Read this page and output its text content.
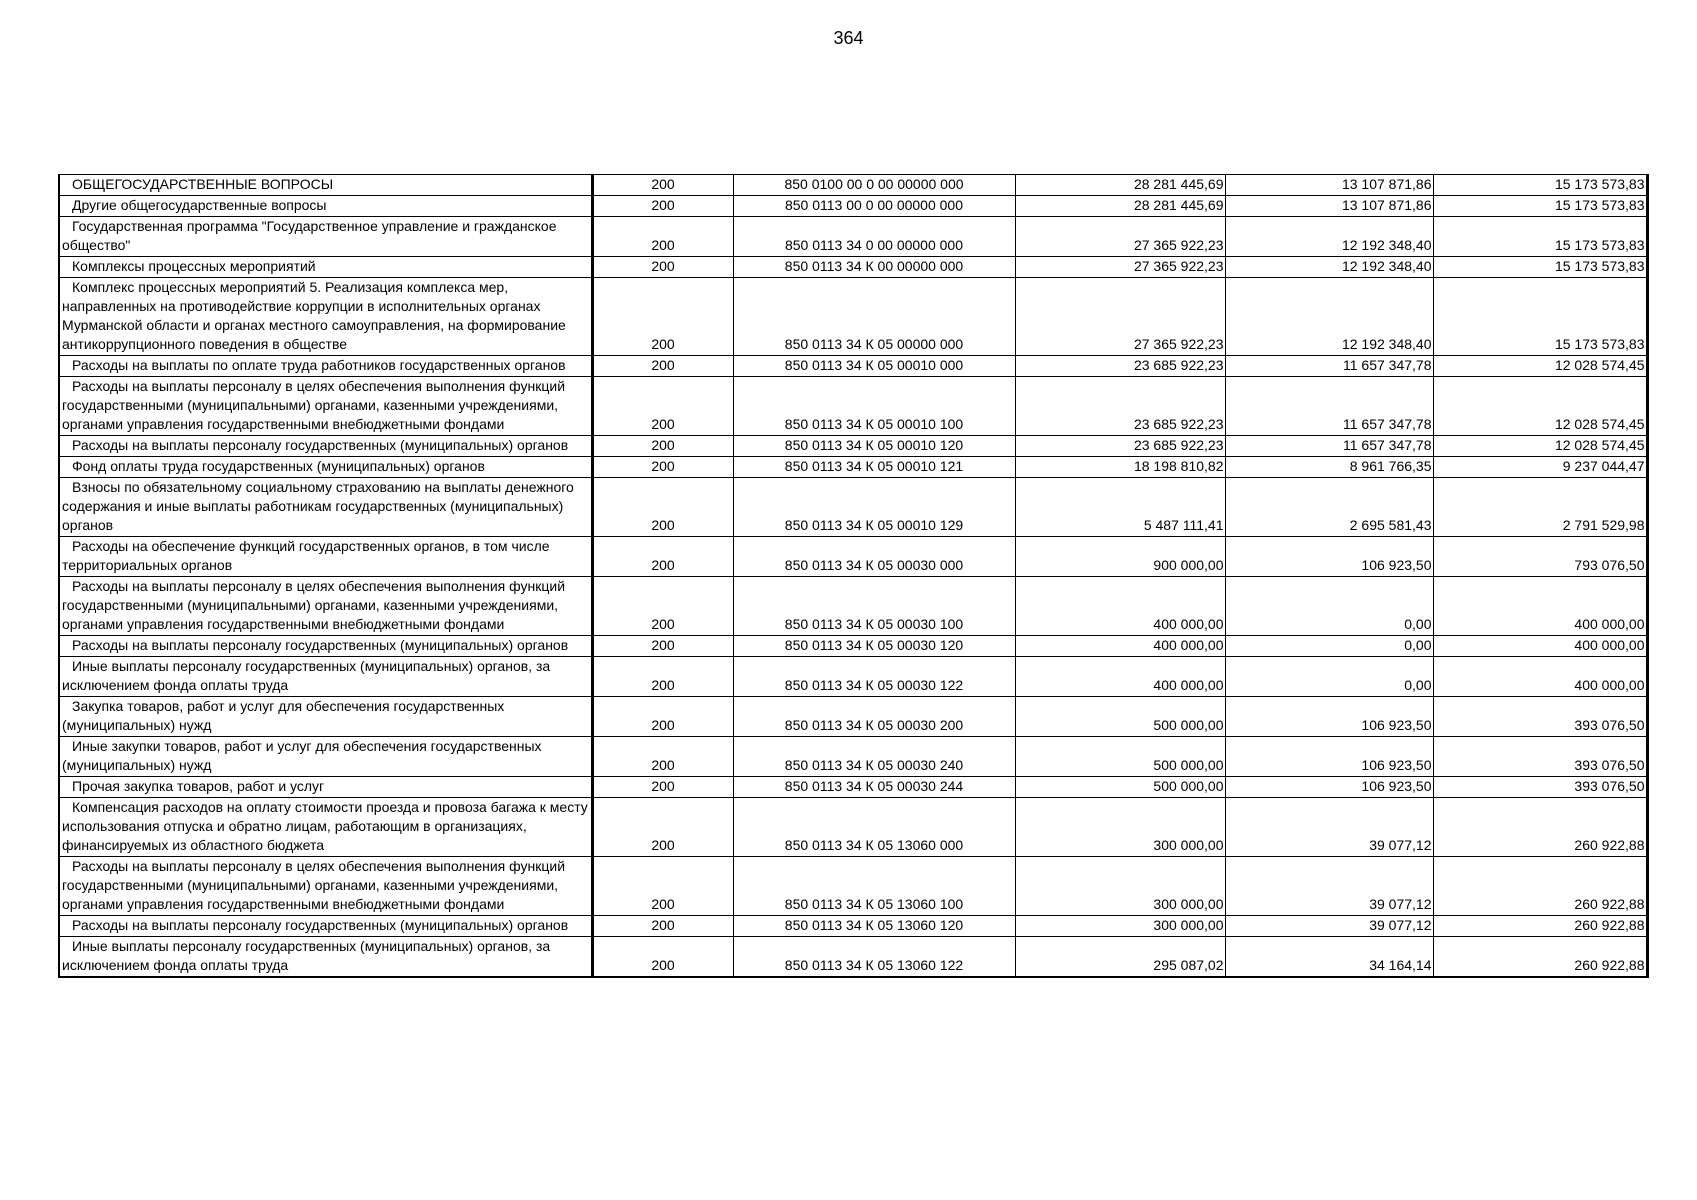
364
ОБЩЕГОСУДАРСТВЕННЫЕ ВОПРОСЫ	200	850 0100 00 0 00 00000 000	28 281 445,69	13 107 871,86	15 173 573,83

Другие общегосударственные вопросы	200	850 0113 00 0 00 00000 000	28 281 445,69	13 107 871,86	15 173 573,83

Государственная программа "Государственное управление и гражданское общество"	200	850 0113 34 0 00 00000 000	27 365 922,23	12 192 348,40	15 173 573,83

Комплексы процессных мероприятий	200	850 0113 34 К 00 00000 000	27 365 922,23	12 192 348,40	15 173 573,83

Комплекс процессных мероприятий 5. Реализация комплекса мер, направленных на противодействие коррупции в исполнительных органах Мурманской области и органах местного самоуправления, на формирование антикоррупционного поведения в обществе	200	850 0113 34 К 05 00000 000	27 365 922,23	12 192 348,40	15 173 573,83

Расходы на выплаты по оплате труда работников государственных органов	200	850 0113 34 К 05 00010 000	23 685 922,23	11 657 347,78	12 028 574,45

Расходы на выплаты персоналу в целях обеспечения выполнения функций государственными (муниципальными) органами, казенными учреждениями, органами управления государственными внебюджетными фондами	200	850 0113 34 К 05 00010 100	23 685 922,23	11 657 347,78	12 028 574,45

Расходы на выплаты персоналу государственных (муниципальных) органов	200	850 0113 34 К 05 00010 120	23 685 922,23	11 657 347,78	12 028 574,45

Фонд оплаты труда государственных (муниципальных) органов	200	850 0113 34 К 05 00010 121	18 198 810,82	8 961 766,35	9 237 044,47

Взносы по обязательному социальному страхованию на выплаты денежного содержания и иные выплаты работникам государственных (муниципальных) органов	200	850 0113 34 К 05 00010 129	5 487 111,41	2 695 581,43	2 791 529,98

Расходы на обеспечение функций государственных органов, в том числе территориальных органов	200	850 0113 34 К 05 00030 000	900 000,00	106 923,50	793 076,50

Расходы на выплаты персоналу в целях обеспечения выполнения функций государственными (муниципальными) органами, казенными учреждениями, органами управления государственными внебюджетными фондами	200	850 0113 34 К 05 00030 100	400 000,00	0,00	400 000,00

Расходы на выплаты персоналу государственных (муниципальных) органов	200	850 0113 34 К 05 00030 120	400 000,00	0,00	400 000,00

Иные выплаты персоналу государственных (муниципальных) органов, за исключением фонда оплаты труда	200	850 0113 34 К 05 00030 122	400 000,00	0,00	400 000,00

Закупка товаров, работ и услуг для обеспечения государственных (муниципальных) нужд	200	850 0113 34 К 05 00030 200	500 000,00	106 923,50	393 076,50

Иные закупки товаров, работ и услуг для обеспечения государственных (муниципальных) нужд	200	850 0113 34 К 05 00030 240	500 000,00	106 923,50	393 076,50

Прочая закупка товаров, работ и услуг	200	850 0113 34 К 05 00030 244	500 000,00	106 923,50	393 076,50

Компенсация расходов на оплату стоимости проезда и провоза багажа к месту использования отпуска и обратно лицам, работающим в организациях, финансируемых из областного бюджета	200	850 0113 34 К 05 13060 000	300 000,00	39 077,12	260 922,88

Расходы на выплаты персоналу в целях обеспечения выполнения функций государственными (муниципальными) органами, казенными учреждениями, органами управления государственными внебюджетными фондами	200	850 0113 34 К 05 13060 100	300 000,00	39 077,12	260 922,88

Расходы на выплаты персоналу государственных (муниципальных) органов	200	850 0113 34 К 05 13060 120	300 000,00	39 077,12	260 922,88

Иные выплаты персоналу государственных (муниципальных) органов, за исключением фонда оплаты труда	200	850 0113 34 К 05 13060 122	295 087,02	34 164,14	260 922,88
